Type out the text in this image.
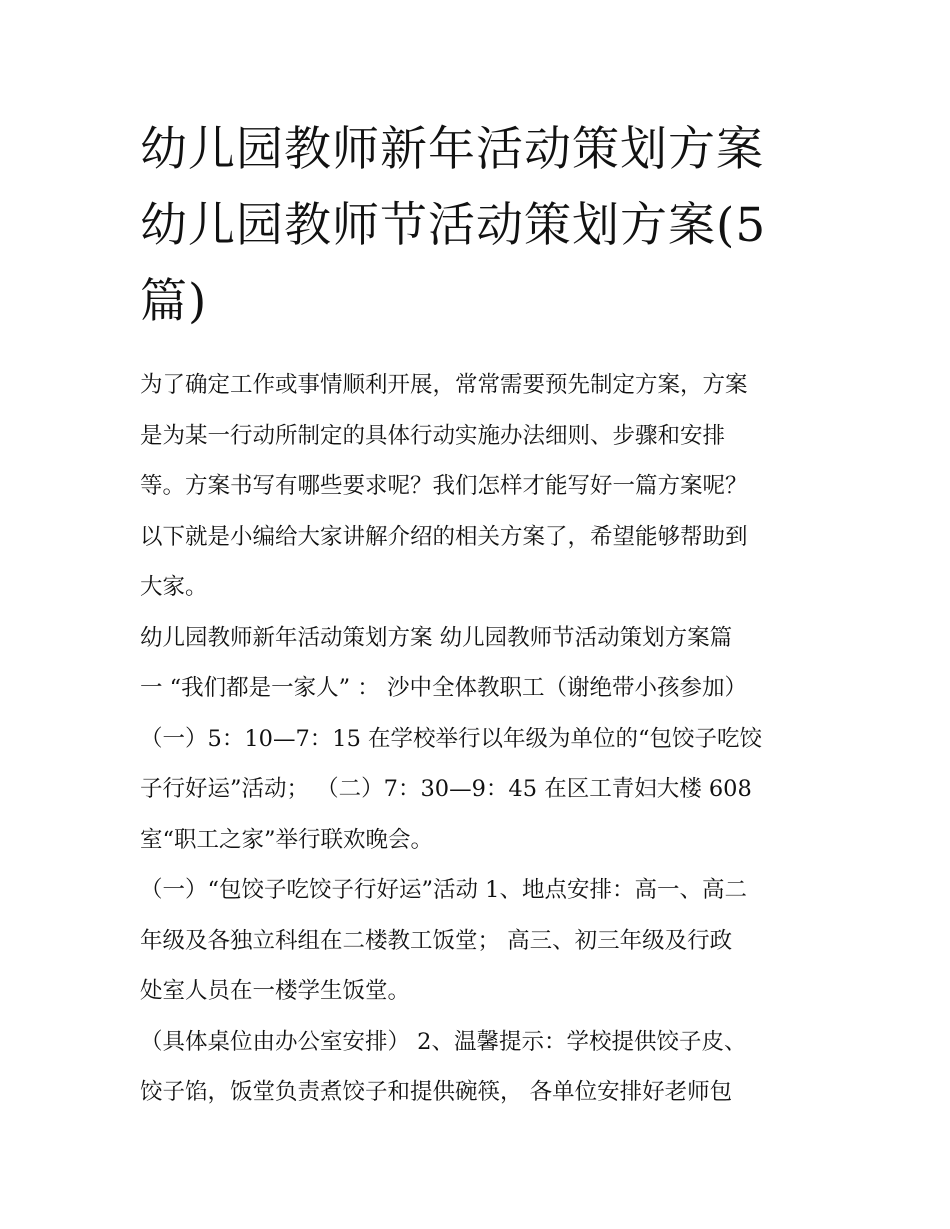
幼儿园教师新年活动策划方案
幼儿园教师节活动策划方案(5
篇)
为了确定工作或事情顺利开展，常常需要预先制定方案，方案
是为某一行动所制定的具体行动实施办法细则、步骤和安排
等。方案书写有哪些要求呢？我们怎样才能写好一篇方案呢？
以下就是小编给大家讲解介绍的相关方案了，希望能够帮助到
大家。
幼儿园教师新年活动策划方案 幼儿园教师节活动策划方案篇
一 “我们都是一家人” ： 沙中全体教职工（谢绝带小孩参加）
（一）5：10—7：15 在学校举行以年级为单位的“包饺子吃饺
子行好运”活动； （二）7：30—9：45 在区工青妇大楼 608
室“职工之家”举行联欢晚会。
（一）“包饺子吃饺子行好运”活动 1、地点安排：高一、高二
年级及各独立科组在二楼教工饭堂； 高三、初三年级及行政
处室人员在一楼学生饭堂。
（具体桌位由办公室安排） 2、温馨提示：学校提供饺子皮、
饺子馅，饭堂负责煮饺子和提供碗筷， 各单位安排好老师包
